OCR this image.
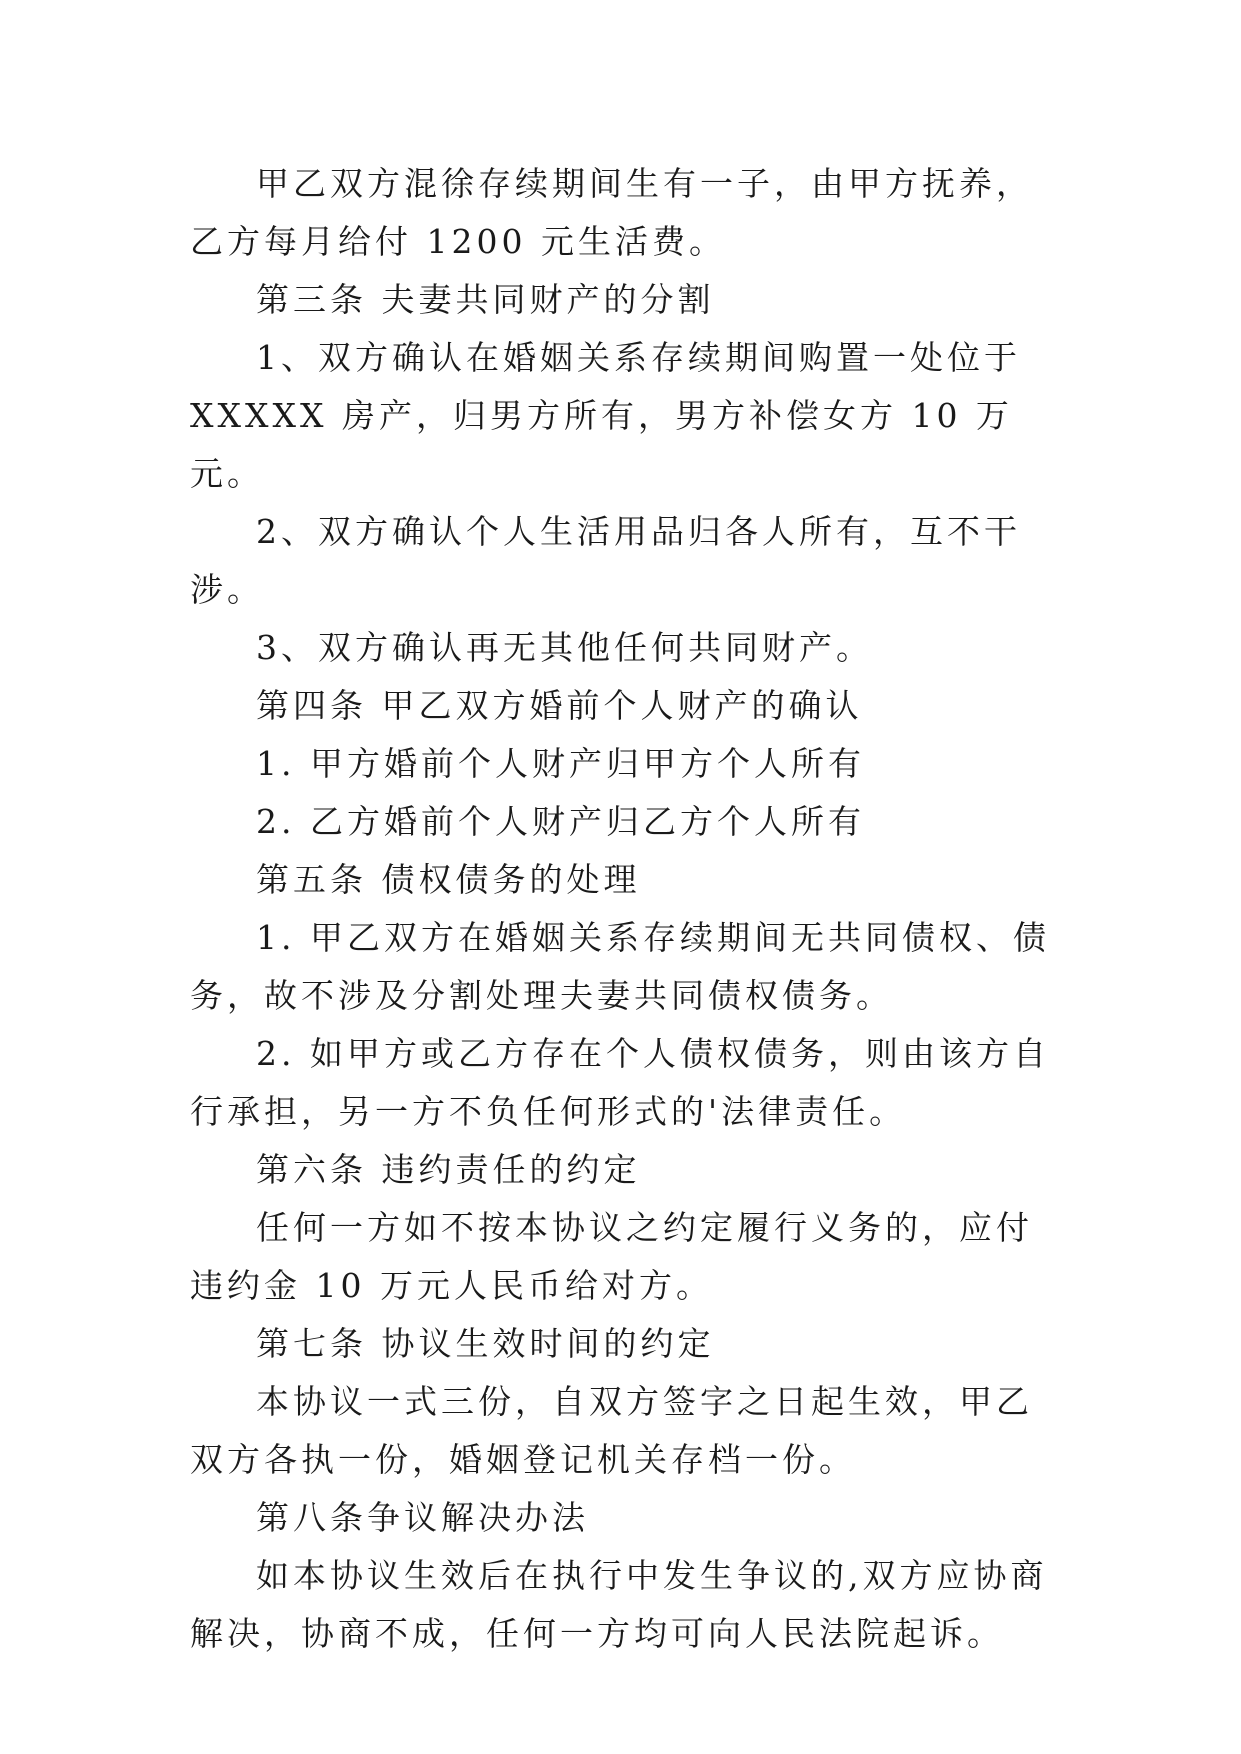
甲乙双方混徐存续期间生有一子，由甲方抚养，乙方每月给付 1200 元生活费。

第三条 夫妻共同财产的分割

1、双方确认在婚姻关系存续期间购置一处位于 XXXXX 房产，归男方所有，男方补偿女方 10 万元。

2、双方确认个人生活用品归各人所有，互不干涉。

3、双方确认再无其他任何共同财产。

第四条 甲乙双方婚前个人财产的确认

1. 甲方婚前个人财产归甲方个人所有

2. 乙方婚前个人财产归乙方个人所有

第五条 债权债务的处理

1. 甲乙双方在婚姻关系存续期间无共同债权、债务，故不涉及分割处理夫妻共同债权债务。

2. 如甲方或乙方存在个人债权债务，则由该方自行承担，另一方不负任何形式的'法律责任。

第六条 违约责任的约定

任何一方如不按本协议之约定履行义务的，应付违约金 10 万元人民币给对方。

第七条 协议生效时间的约定

本协议一式三份，自双方签字之日起生效，甲乙双方各执一份，婚姻登记机关存档一份。

第八条争议解决办法

如本协议生效后在执行中发生争议的,双方应协商解决，协商不成，任何一方均可向人民法院起诉。
